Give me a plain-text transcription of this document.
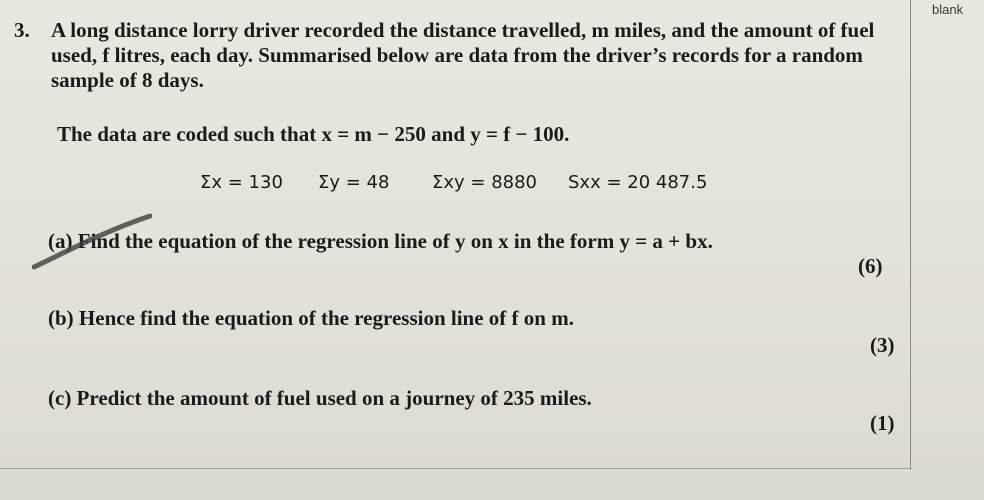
blank
3. A long distance lorry driver recorded the distance travelled, m miles, and the amount of fuel used, f litres, each day. Summarised below are data from the driver’s records for a random sample of 8 days.
The data are coded such that x = m − 250 and y = f − 100.
Σx = 130 Σy = 48 Σxy = 8880 Sxx = 20 487.5
(a) Find the equation of the regression line of y on x in the form y = a + bx.
(6)
(b) Hence find the equation of the regression line of f on m.
(3)
(c) Predict the amount of fuel used on a journey of 235 miles.
(1)
